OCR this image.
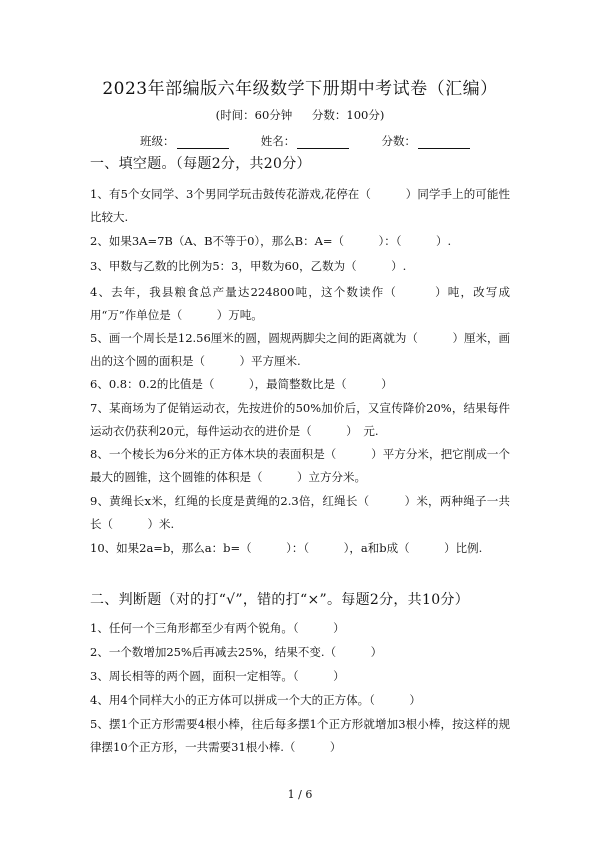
2023年部编版六年级数学下册期中考试卷（汇编）
(时间：60分钟 分数：100分)
班级：	姓名：	分数：
一、填空题。（每题2分，共20分）
1、有5个女同学、3个男同学玩击鼓传花游戏,花停在（　　　）同学手上的可能性比较大.
2、如果3A=7B（A、B不等于0），那么B：A=（　　　）：（　　　）.
3、甲数与乙数的比例为5：3，甲数为60，乙数为（　　　）.
4、去年，我县粮食总产量达224800吨，这个数读作（　　　）吨，改写成用“万”作单位是（　　　）万吨。
5、画一个周长是12.56厘米的圆，圆规两脚尖之间的距离就为（　　　）厘米，画出的这个圆的面积是（　　　）平方厘米.
6、0.8：0.2的比值是（　　　），最简整数比是（　　　）
7、某商场为了促销运动衣，先按进价的50%加价后，又宣传降价20%，结果每件运动衣仍获利20元，每件运动衣的进价是（　　　）　元.
8、一个棱长为6分米的正方体木块的表面积是（　　　）平方分米，把它削成一个最大的圆锥，这个圆锥的体积是（　　　）立方分米。
9、黄绳长x米，红绳的长度是黄绳的2.3倍，红绳长（　　　）米，两种绳子一共长（　　　）米.
10、如果2a=b，那么a：b=（　　　）：（　　　），a和b成（　　　）比例.
二、判断题（对的打“√”，错的打“×”。每题2分，共10分）
1、任何一个三角形都至少有两个锐角。（　　　）
2、一个数增加25%后再减去25%，结果不变.（　　　）
3、周长相等的两个圆，面积一定相等。（　　　）
4、用4个同样大小的正方体可以拼成一个大的正方体。（　　　）
5、摆1个正方形需要4根小棒，往后每多摆1个正方形就增加3根小棒，按这样的规律摆10个正方形，一共需要31根小棒.（　　　）
1 / 6
